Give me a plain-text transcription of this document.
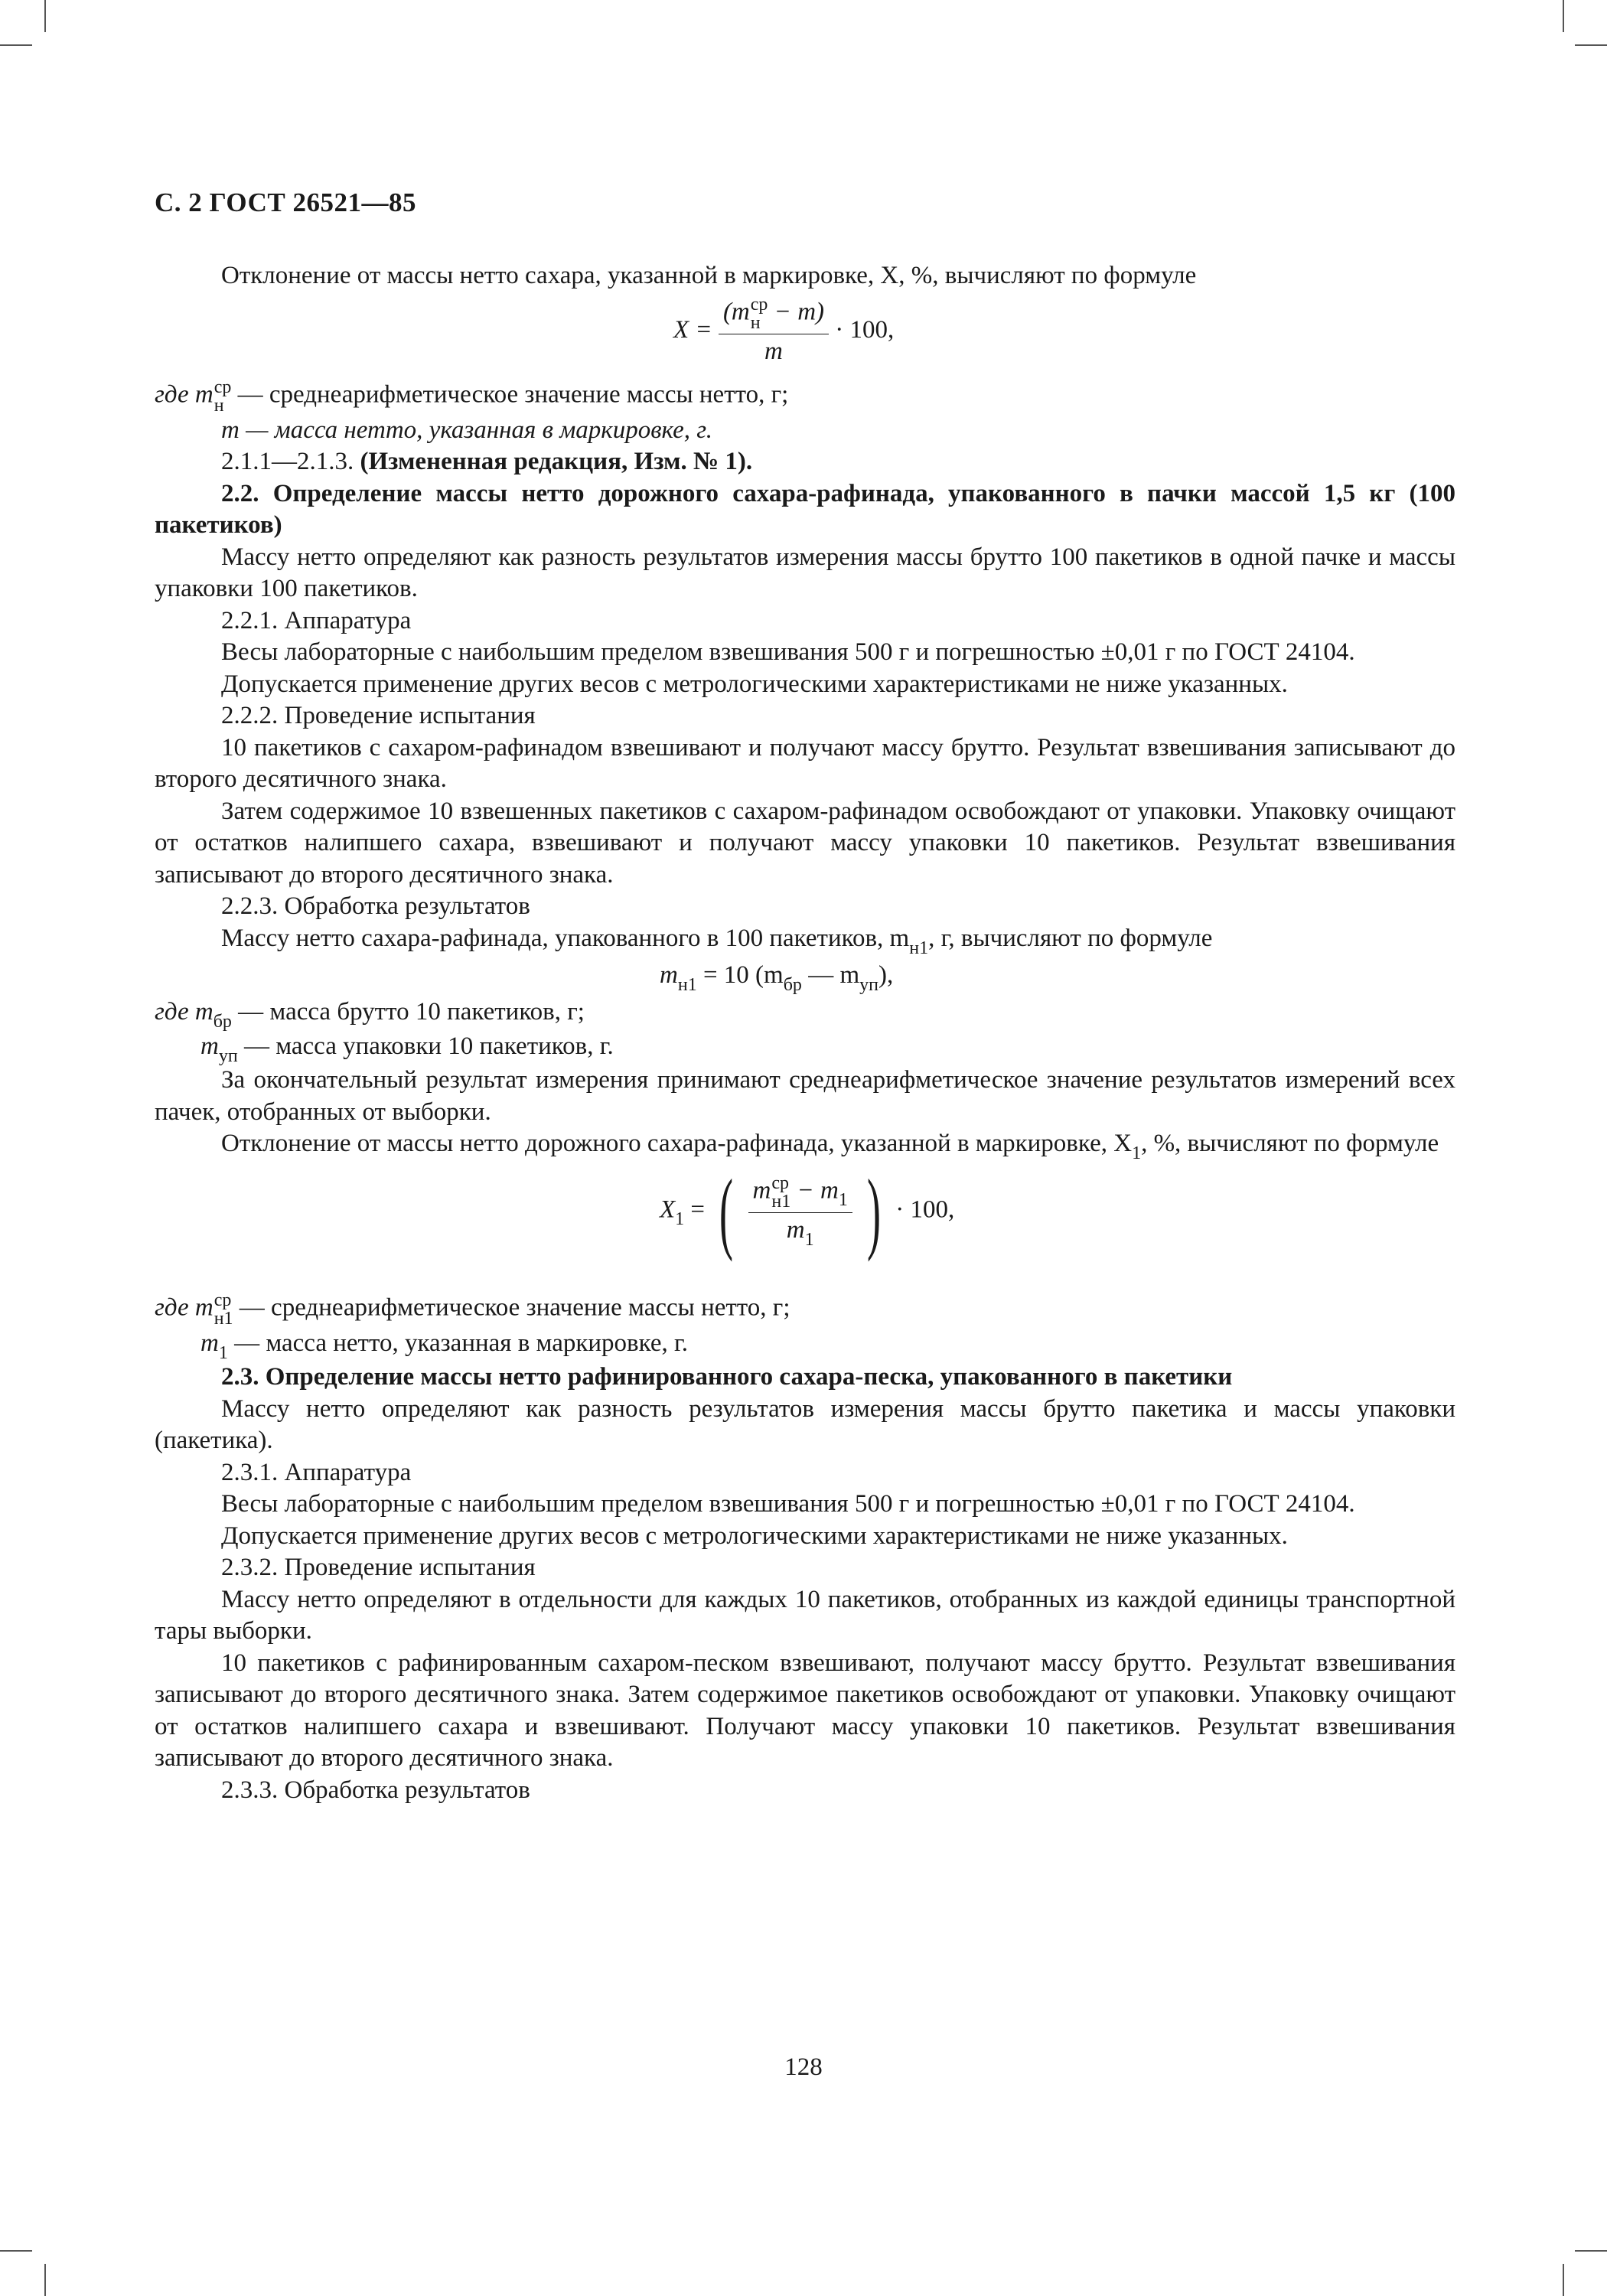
С. 2 ГОСТ 26521—85

Отклонение от массы нетто сахара, указанной в маркировке, X, %, вычисляют по формуле

X = (m ср
н − m)
m · 100,

где m ср
н — среднеарифметическое значение массы нетто, г;

m — масса нетто, указанная в маркировке, г.

2.1.1—2.1.3. (Измененная редакция, Изм. № 1).

2.2. Определение массы нетто дорожного сахара-рафинада, упакованного в пачки массой 1,5 кг (100 пакетиков)

Массу нетто определяют как разность результатов измерения массы брутто 100 пакетиков в одной пачке и массы упаковки 100 пакетиков.

2.2.1. Аппаратура

Весы лабораторные с наибольшим пределом взвешивания 500 г и погрешностью ±0,01 г по ГОСТ 24104.

Допускается применение других весов с метрологическими характеристиками не ниже указанных.

2.2.2. Проведение испытания

10 пакетиков с сахаром-рафинадом взвешивают и получают массу брутто. Результат взвешивания записывают до второго десятичного знака.

Затем содержимое 10 взвешенных пакетиков с сахаром-рафинадом освобождают от упаковки. Упаковку очищают от остатков налипшего сахара, взвешивают и получают массу упаковки 10 пакетиков. Результат взвешивания записывают до второго десятичного знака.

2.2.3. Обработка результатов

Массу нетто сахара-рафинада, упакованного в 100 пакетиков, $m_{н1}$, г, вычисляют по формуле

$m_{н1} = 10$ ($m_{бр}$ — $m_{уп}$),

где $m_{бр}$ — масса брутто 10 пакетиков, г;

$m_{уп}$ — масса упаковки 10 пакетиков, г.

За окончательный результат измерения принимают среднеарифметическое значение результатов измерений всех пачек, отобранных от выборки.

Отклонение от массы нетто дорожного сахара-рафинада, указанной в маркировке, $X_1$, %, вычисляют по формуле

$X_1$ = ( m ср
$н1 - m_1$
$m_1$ ) · 100,

где m ср
н1 — среднеарифметическое значение массы нетто, г;

$m_1$ — масса нетто, указанная в маркировке, г.

2.3. Определение массы нетто рафинированного сахара-песка, упакованного в пакетики

Массу нетто определяют как разность результатов измерения массы брутто пакетика и массы упаковки (пакетика).

2.3.1. Аппаратура

Весы лабораторные с наибольшим пределом взвешивания 500 г и погрешностью ±0,01 г по ГОСТ 24104.

Допускается применение других весов с метрологическими характеристиками не ниже указанных.

2.3.2. Проведение испытания

Массу нетто определяют в отдельности для каждых 10 пакетиков, отобранных из каждой единицы транспортной тары выборки.

10 пакетиков с рафинированным сахаром-песком взвешивают, получают массу брутто. Результат взвешивания записывают до второго десятичного знака. Затем содержимое пакетиков освобождают от упаковки. Упаковку очищают от остатков налипшего сахара и взвешивают. Получают массу упаковки 10 пакетиков. Результат взвешивания записывают до второго десятичного знака.

2.3.3. Обработка результатов

128
